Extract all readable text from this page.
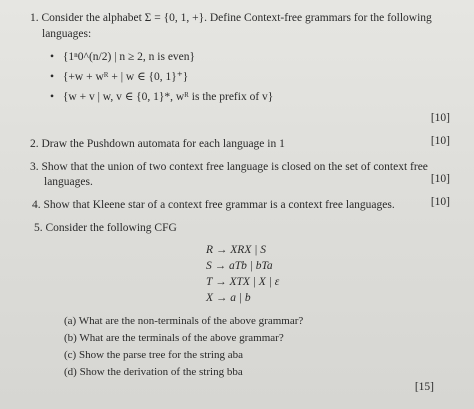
1. Consider the alphabet Σ = {0, 1, +}. Define Context-free grammars for the following
languages:
• {1ⁿ0^(n/2) | n ≥ 2, n is even}
• {+w + wᴿ + | w ∈ {0, 1}⁺}
• {w + v | w, v ∈ {0, 1}*, wᴿ is the prefix of v}
[10]
2. Draw the Pushdown automata for each language in 1	[10]
3. Show that the union of two context free language is closed on the set of context free
languages.	[10]
4. Show that Kleene star of a context free grammar is a context free languages.	[10]
5. Consider the following CFG
R → XRX | S
S → aTb | bTa
T → XTX | X | ε
X → a | b
(a) What are the non-terminals of the above grammar?
(b) What are the terminals of the above grammar?
(c) Show the parse tree for the string aba
(d) Show the derivation of the string bba
[15]
